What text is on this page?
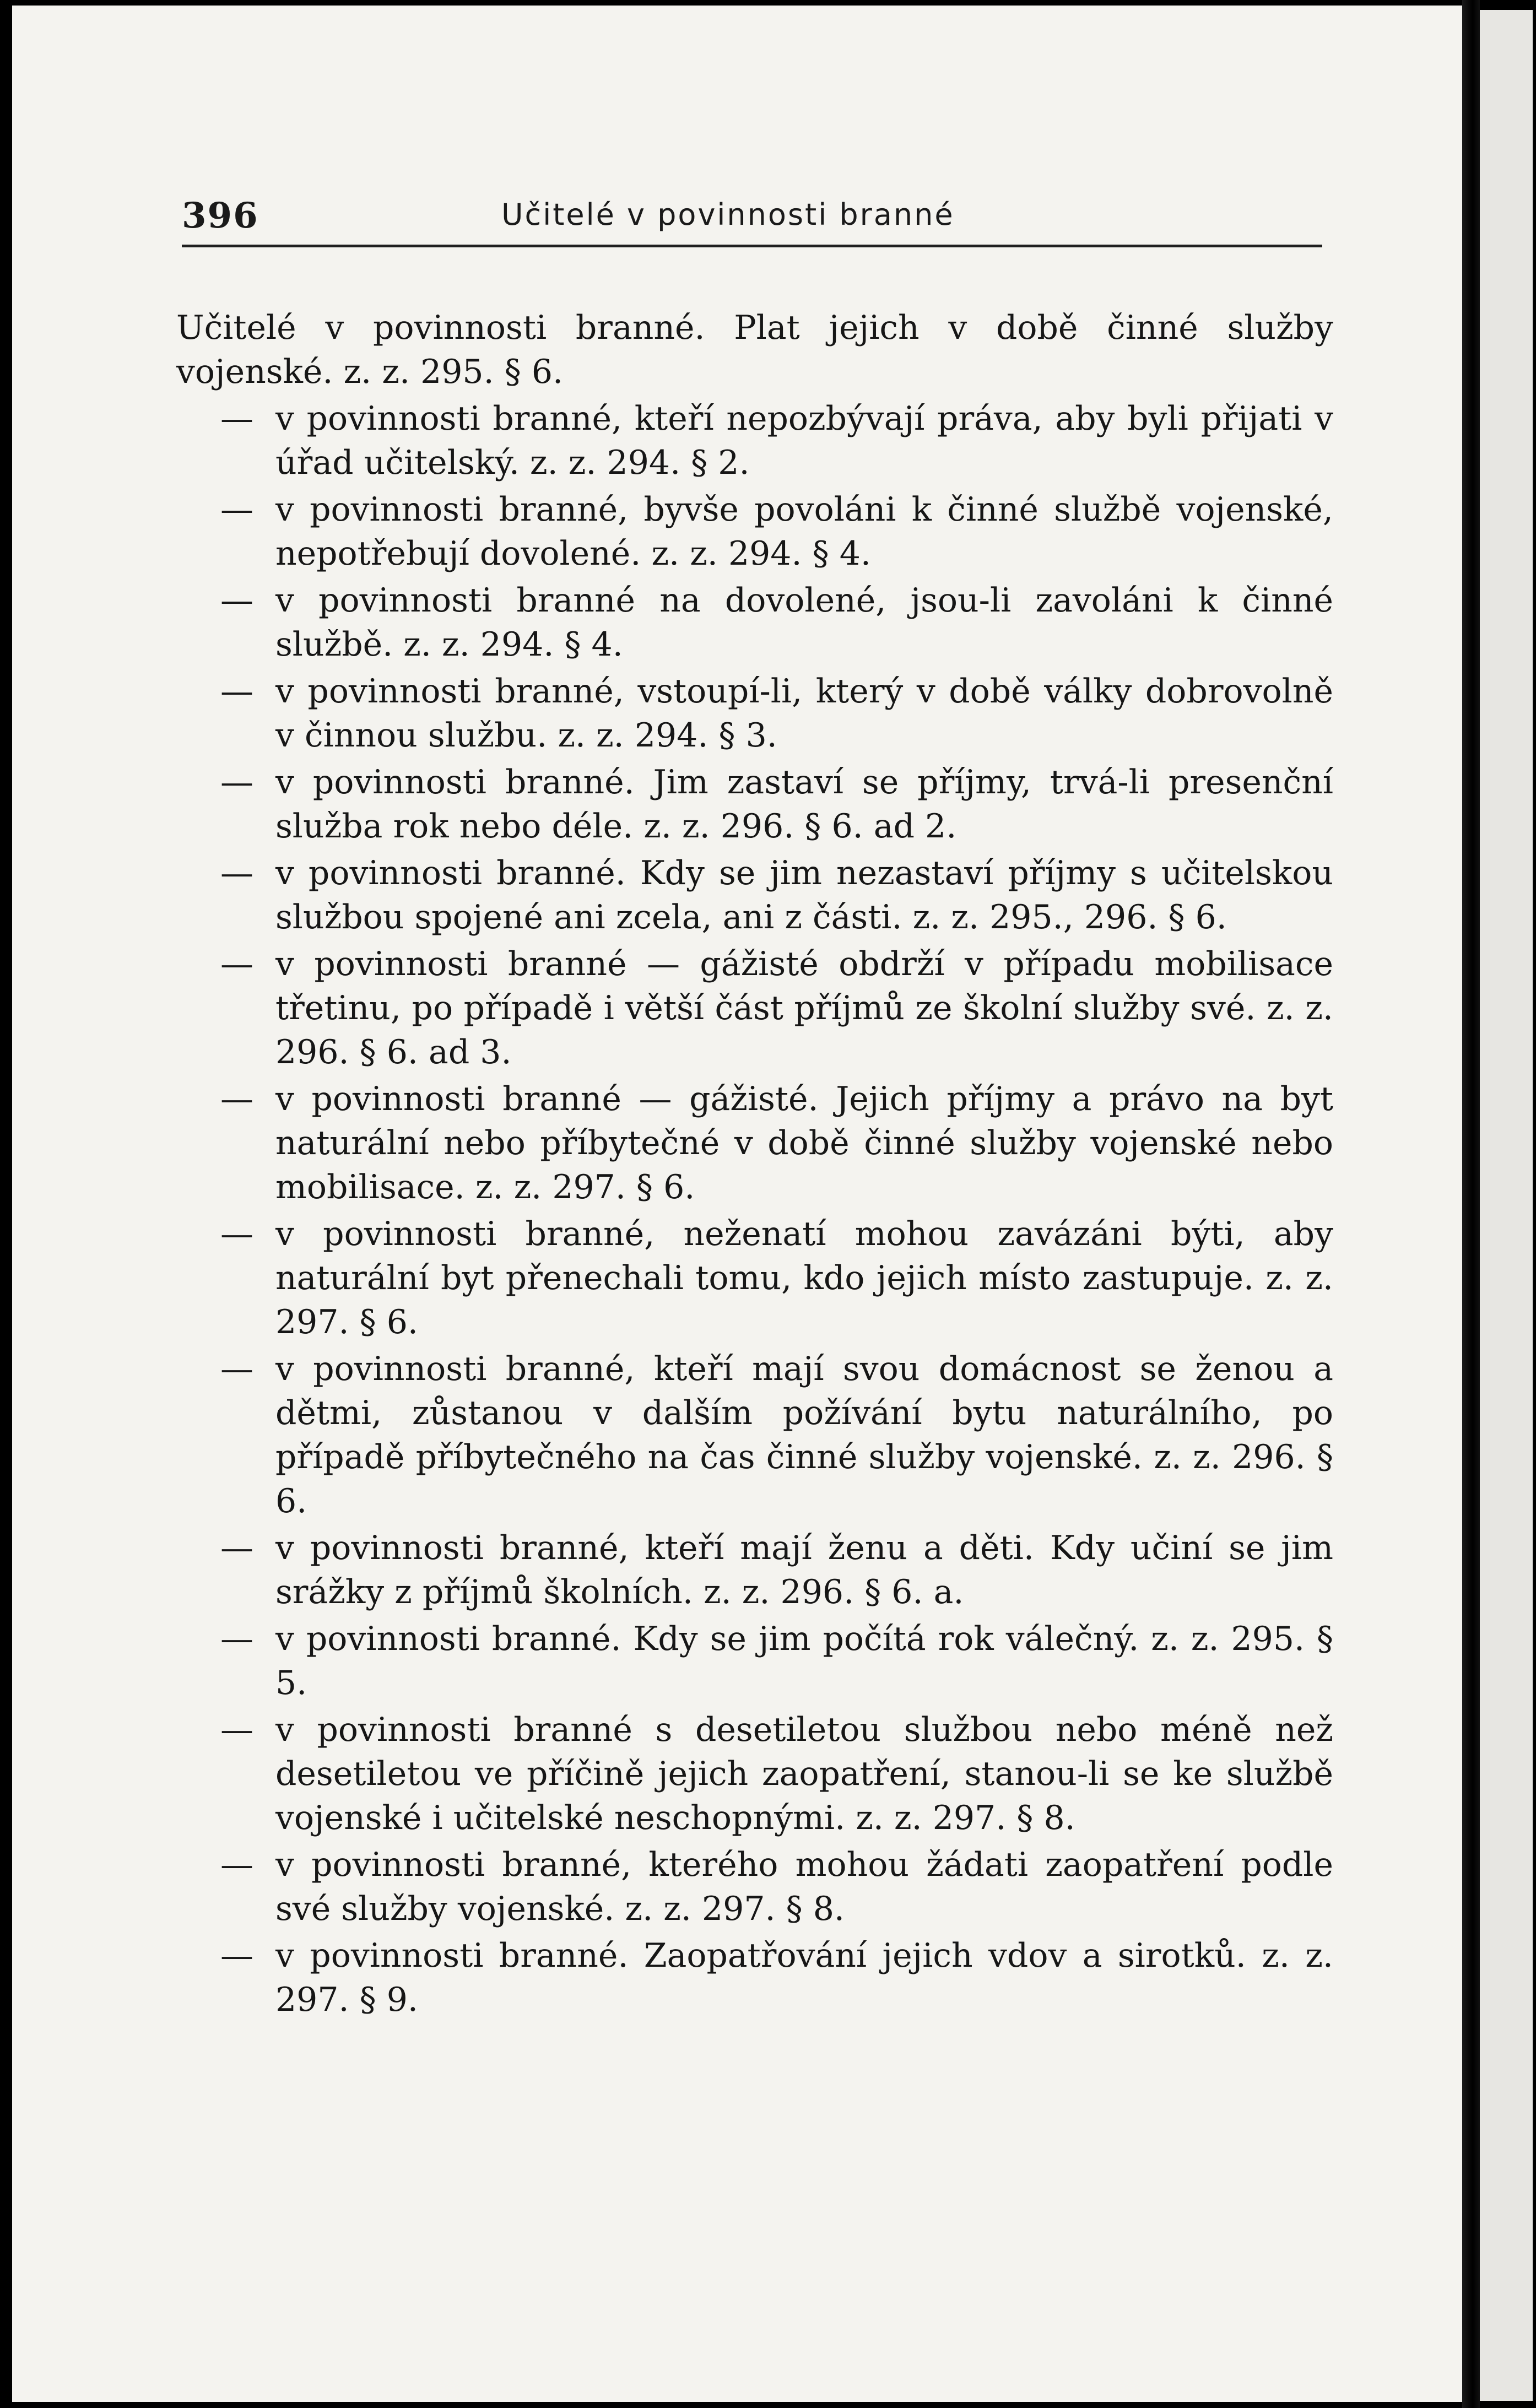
396	Učitelé v povinnosti branné
Učitelé v povinnosti branné. Plat jejich v době činné služby vojenské. z. z. 295. § 6.
— v povinnosti branné, kteří nepozbývají práva, aby byli přijati v úřad učitelský. z. z. 294. § 2.
— v povinnosti branné, byvše povoláni k činné službě vojenské, nepotřebují dovolené. z. z. 294. § 4.
— v povinnosti branné na dovolené, jsou-li zavoláni k činné službě. z. z. 294. § 4.
— v povinnosti branné, vstoupí-li, který v době války dobrovolně v činnou službu. z. z. 294. § 3.
— v povinnosti branné. Jim zastaví se příjmy, trvá-li presenční služba rok nebo déle. z. z. 296. § 6. ad 2.
— v povinnosti branné. Kdy se jim nezastaví příjmy s učitelskou službou spojené ani zcela, ani z části. z. z. 295., 296. § 6.
— v povinnosti branné — gážisté obdrží v případu mobilisace třetinu, po případě i větší část příjmů ze školní služby své. z. z. 296. § 6. ad 3.
— v povinnosti branné — gážisté. Jejich příjmy a právo na byt naturální nebo příbytečné v době činné služby vojenské nebo mobilisace. z. z. 297. § 6.
— v povinnosti branné, neženatí mohou zavázáni býti, aby naturální byt přenechali tomu, kdo jejich místo zastupuje. z. z. 297. § 6.
— v povinnosti branné, kteří mají svou domácnost se ženou a dětmi, zůstanou v dalším požívání bytu naturálního, po případě příbytečného na čas činné služby vojenské. z. z. 296. § 6.
— v povinnosti branné, kteří mají ženu a děti. Kdy učiní se jim srážky z příjmů školních. z. z. 296. § 6. a.
— v povinnosti branné. Kdy se jim počítá rok válečný. z. z. 295. § 5.
— v povinnosti branné s desetiletou službou nebo méně než desetiletou ve příčině jejich zaopatření, stanou-li se ke službě vojenské i učitelské neschopnými. z. z. 297. § 8.
— v povinnosti branné, kterého mohou žádati zaopatření podle své služby vojenské. z. z. 297. § 8.
— v povinnosti branné. Zaopatřování jejich vdov a sirotků. z. z. 297. § 9.
